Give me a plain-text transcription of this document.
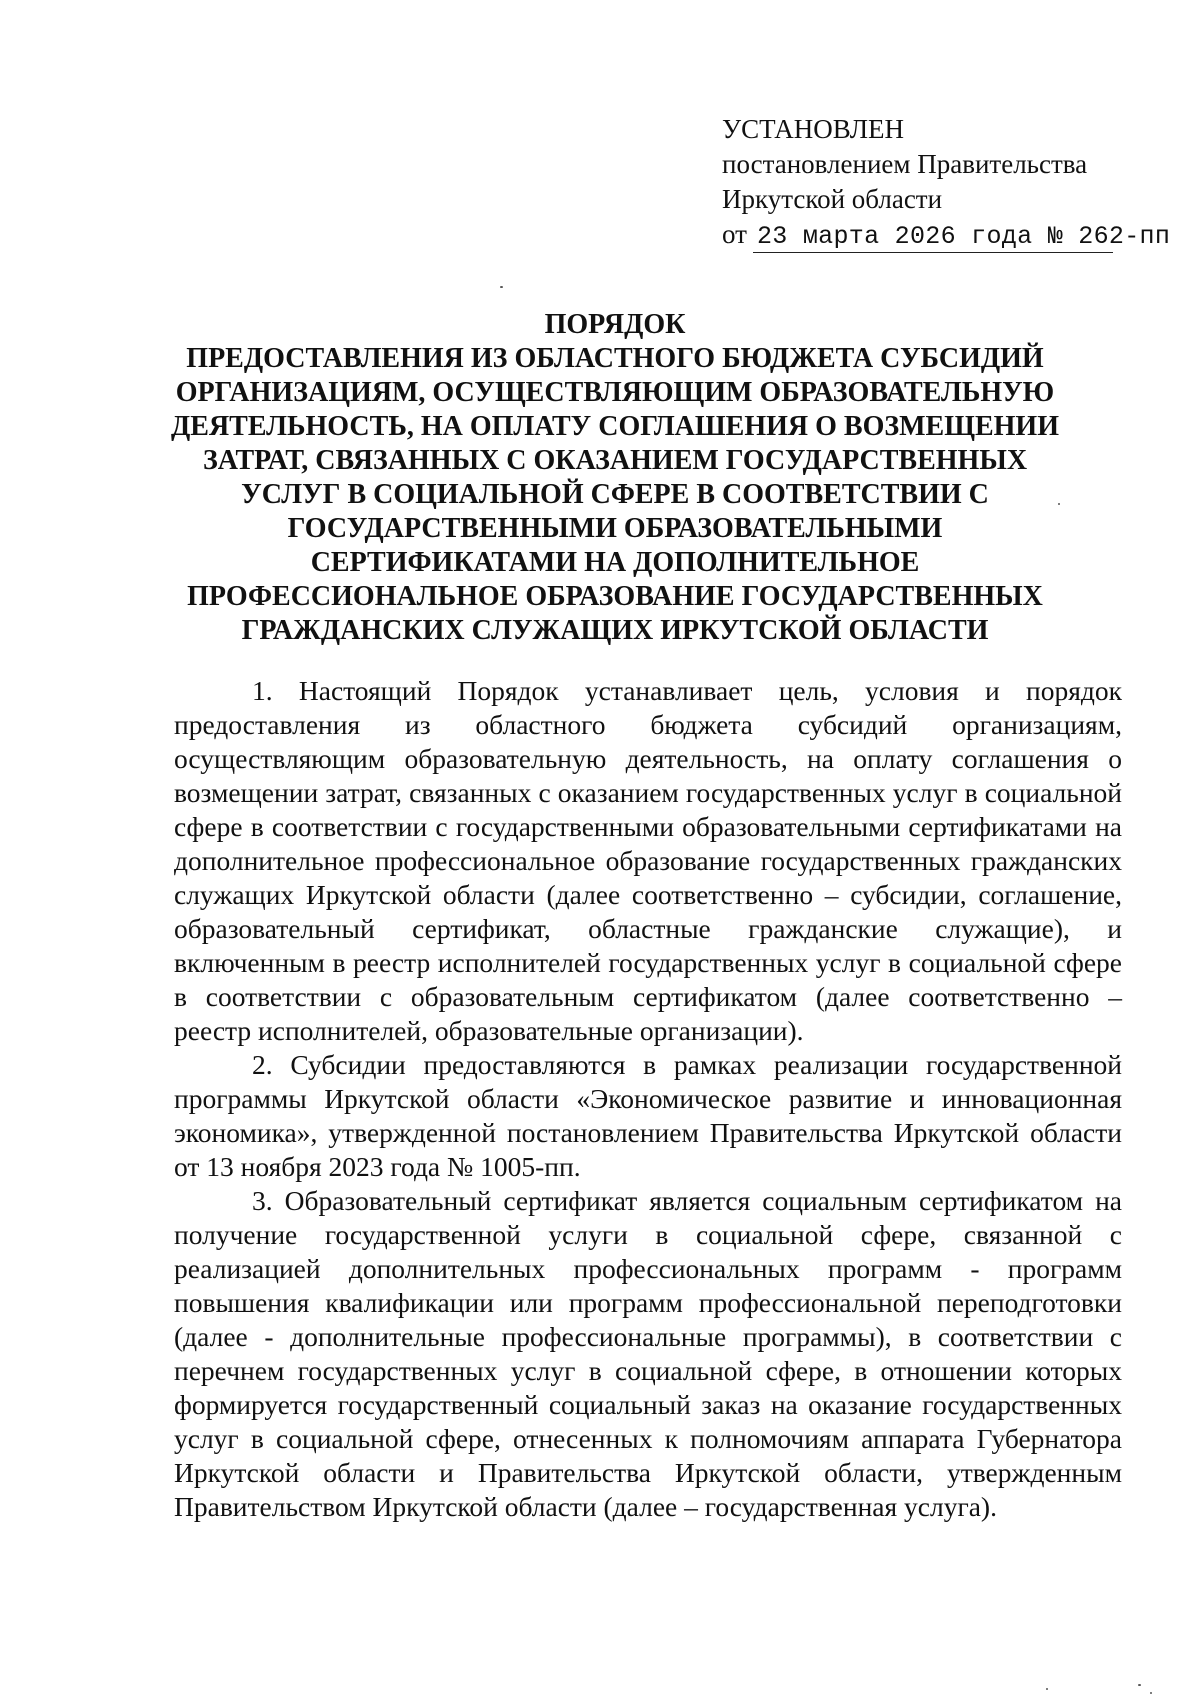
УСТАНОВЛЕН
постановлением Правительства
Иркутской области
от 23 марта 2026 года № 262-пп
ПОРЯДОК
ПРЕДОСТАВЛЕНИЯ ИЗ ОБЛАСТНОГО БЮДЖЕТА СУБСИДИЙ
ОРГАНИЗАЦИЯМ, ОСУЩЕСТВЛЯЮЩИМ ОБРАЗОВАТЕЛЬНУЮ
ДЕЯТЕЛЬНОСТЬ, НА ОПЛАТУ СОГЛАШЕНИЯ О ВОЗМЕЩЕНИИ
ЗАТРАТ, СВЯЗАННЫХ С ОКАЗАНИЕМ ГОСУДАРСТВЕННЫХ
УСЛУГ В СОЦИАЛЬНОЙ СФЕРЕ В СООТВЕТСТВИИ С
ГОСУДАРСТВЕННЫМИ ОБРАЗОВАТЕЛЬНЫМИ
СЕРТИФИКАТАМИ НА ДОПОЛНИТЕЛЬНОЕ
ПРОФЕССИОНАЛЬНОЕ ОБРАЗОВАНИЕ ГОСУДАРСТВЕННЫХ
ГРАЖДАНСКИХ СЛУЖАЩИХ ИРКУТСКОЙ ОБЛАСТИ

1. Настоящий Порядок устанавливает цель, условия и порядок предоставления из областного бюджета субсидий организациям, осуществляющим образовательную деятельность, на оплату соглашения о возмещении затрат, связанных с оказанием государственных услуг в социальной сфере в соответствии с государственными образовательными сертификатами на дополнительное профессиональное образование государственных гражданских служащих Иркутской области (далее соответственно – субсидии, соглашение, образовательный сертификат, областные гражданские служащие), и включенным в реестр исполнителей государственных услуг в социальной сфере в соответствии с образовательным сертификатом (далее соответственно – реестр исполнителей, образовательные организации).

2. Субсидии предоставляются в рамках реализации государственной программы Иркутской области «Экономическое развитие и инновационная экономика», утвержденной постановлением Правительства Иркутской области от 13 ноября 2023 года № 1005-пп.

3. Образовательный сертификат является социальным сертификатом на получение государственной услуги в социальной сфере, связанной с реализацией дополнительных профессиональных программ - программ повышения квалификации или программ профессиональной переподготовки (далее - дополнительные профессиональные программы), в соответствии с перечнем государственных услуг в социальной сфере, в отношении которых формируется государственный социальный заказ на оказание государственных услуг в социальной сфере, отнесенных к полномочиям аппарата Губернатора Иркутской области и Правительства Иркутской области, утвержденным Правительством Иркутской области (далее – государственная услуга).
